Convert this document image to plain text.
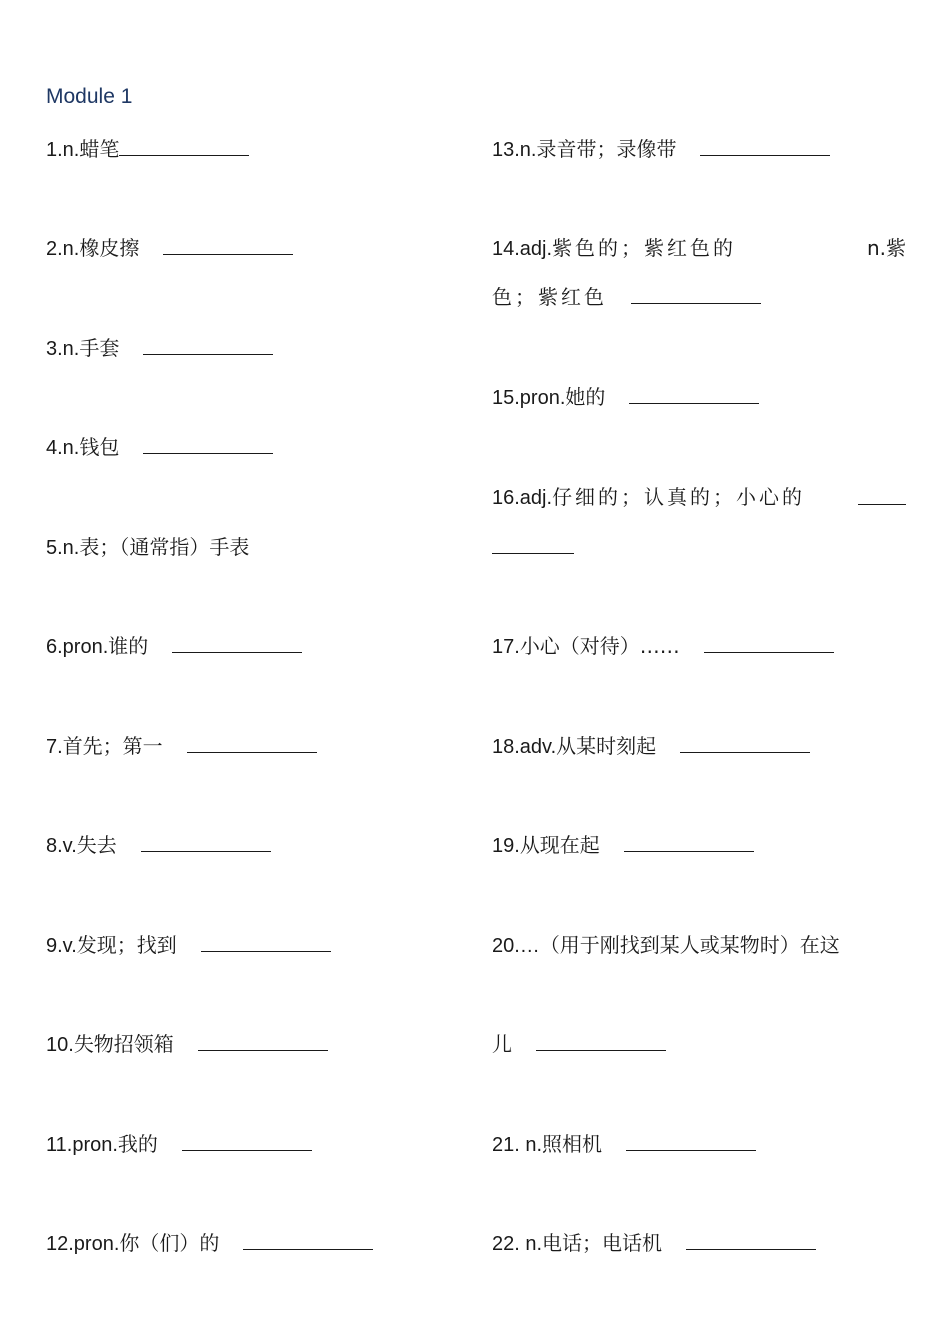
Module 1
1.n.蜡笔
2.n.橡皮擦
3.n.手套
4.n.钱包
5.n.表；（通常指）手表
6.pron.谁的
7.首先；第一
8.v.失去
9.v.发现；找到
10.失物招领箱
11.pron.我的
12.pron.你（们）的
13.n.录音带；录像带
14.adj.紫色的；紫红色的	n.紫
色；紫红色
15.pron.她的
16.adj.仔细的；认真的；小心的
17.小心（对待）……
18.adv.从某时刻起
19.从现在起
20.…（用于刚找到某人或某物时）在这
儿
21. n.照相机
22. n.电话；电话机
